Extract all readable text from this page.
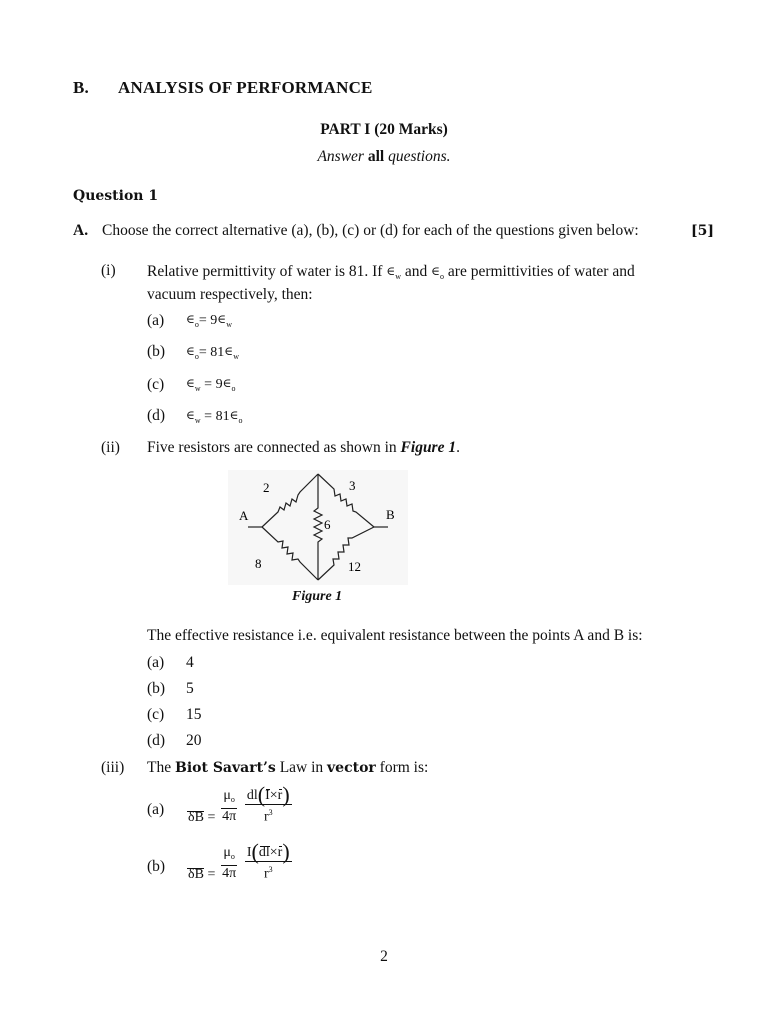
B. ANALYSIS OF PERFORMANCE
PART I (20 Marks)
Answer all questions.
Question 1
A. Choose the correct alternative (a), (b), (c) or (d) for each of the questions given below:	[5]
(i) Relative permittivity of water is 81. If $\in_w$ and $\in_o$ are permittivities of water and
vacuum respectively, then:
(a) $\in_o=$ $9\in_w$
(b) $\in_o=$ $81\in_w$
(c) $\in_w$ = $9\in_o$
(d) $\in_w$ = $81\in_o$
(ii) Five resistors are connected as shown in Figure 1.
A	B
2	3
6
8	12
Figure 1
The effective resistance i.e. equivalent resistance between the points A and B is:
(a) 4
(b) 5
(c) 15
(d) 20
(iii) The Biot Savart’s Law in vector form is:
(a) $\delta B = \frac{\mu_o}{4\pi}$
$\frac{dl(I\times r)}{r^3}$
(b) $\delta B = \frac{\mu_o}{4\pi}$
$\frac{I(dl\times r)}{r^3}$
2
